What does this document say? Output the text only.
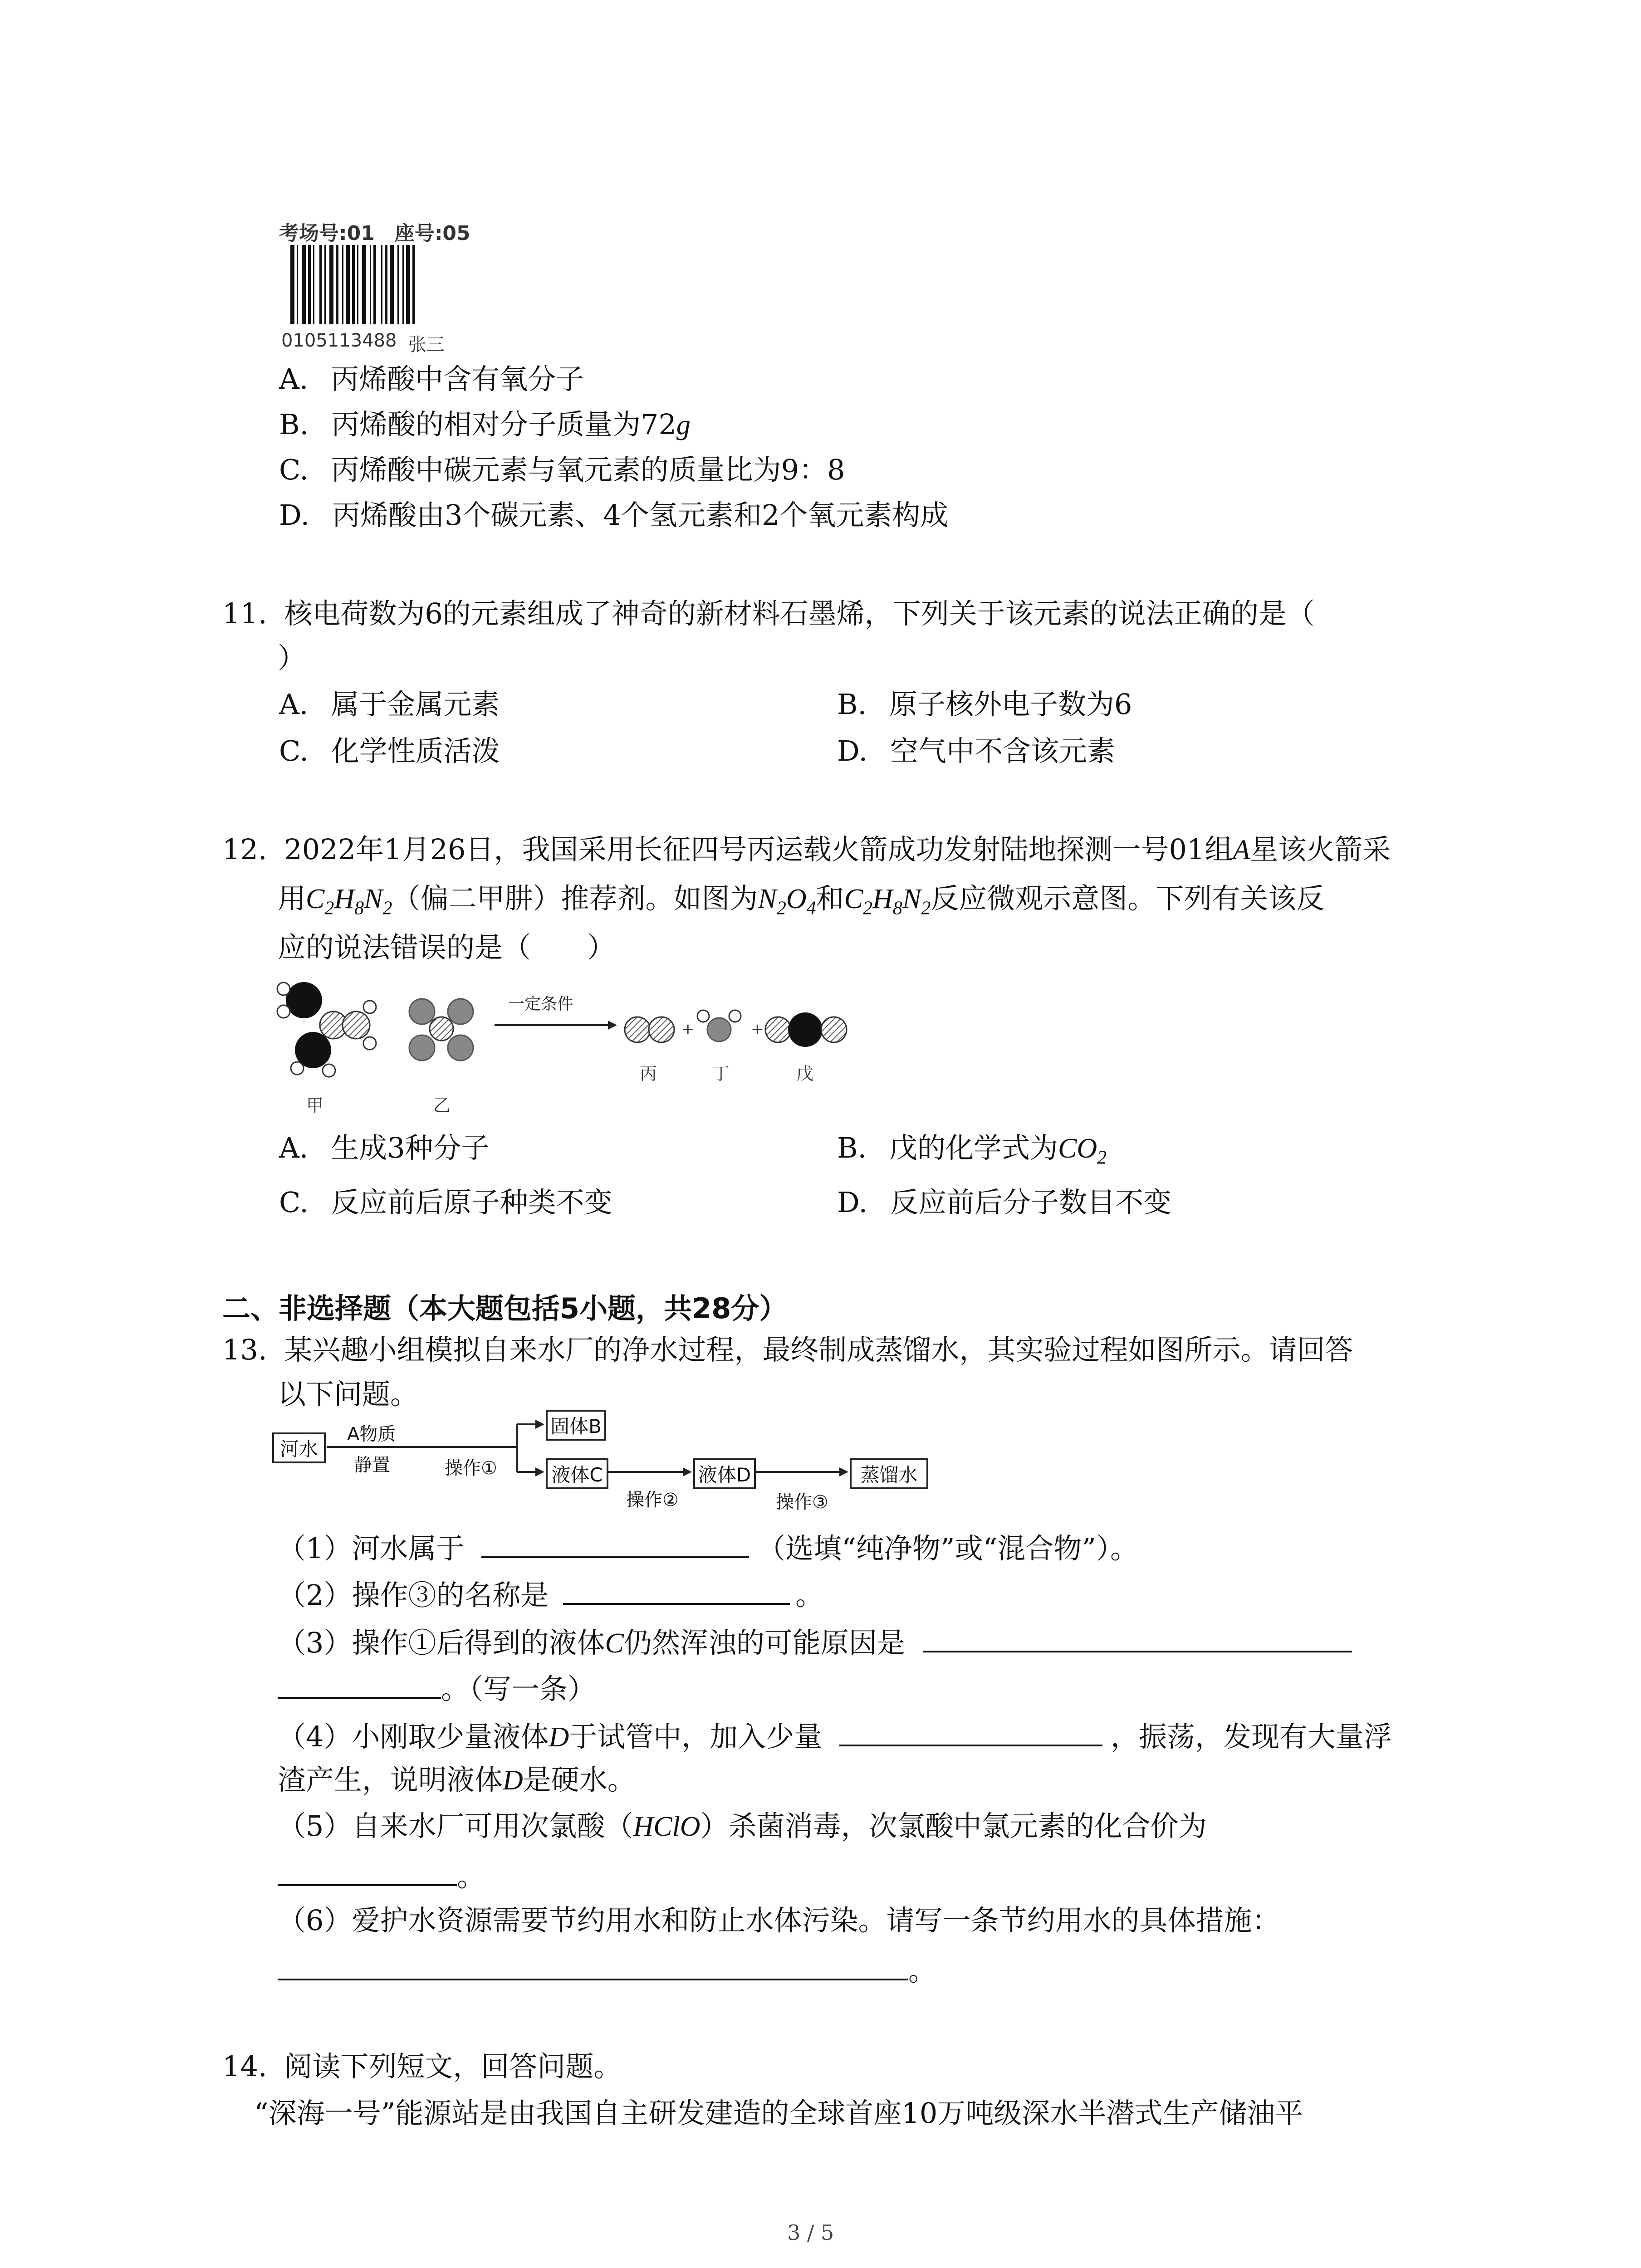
考场号:01　座号:05
0105113488 张三
A. 丙烯酸中含有氧分子
B. 丙烯酸的相对分子质量为72g
C. 丙烯酸中碳元素与氧元素的质量比为9：8
D. 丙烯酸由3个碳元素、4个氢元素和2个氧元素构成
11. 核电荷数为6的元素组成了神奇的新材料石墨烯，下列关于该元素的说法正确的是（
）
A. 属于金属元素	B. 原子核外电子数为6
C. 化学性质活泼	D. 空气中不含该元素
12. 2022年1月26日，我国采用长征四号丙运载火箭成功发射陆地探测一号01组A星该火箭采
用$C_2H_8N_2$（偏二甲肼）推荐剂。如图为$N_2O_4$和$C_2H_8N_2$反应微观示意图。下列有关该反
应的说法错误的是（　　）
甲	乙
一定条件
+
丙	丁
+
戊
A. 生成3种分子	B. 戊的化学式为$CO_2$
C. 反应前后原子种类不变	D. 反应前后分子数目不变
二、非选择题（本大题包括5小题，共28分）
13. 某兴趣小组模拟自来水厂的净水过程，最终制成蒸馏水，其实验过程如图所示。请回答
以下问题。
河水
A物质
静置	操作①
固体B
液体C
操作②
液体D
操作③
蒸馏水
（1）河水属于	（选填“纯净物”或“混合物”）。
（2）操作③的名称是	。
（3）操作①后得到的液体C仍然浑浊的可能原因是
。（写一条）
（4）小刚取少量液体D于试管中，加入少量	，振荡，发现有大量浮
渣产生，说明液体D是硬水。
（5）自来水厂可用次氯酸（HClO）杀菌消毒，次氯酸中氯元素的化合价为
。
（6）爱护水资源需要节约用水和防止水体污染。请写一条节约用水的具体措施：
。
14. 阅读下列短文，回答问题。
“深海一号”能源站是由我国自主研发建造的全球首座10万吨级深水半潜式生产储油平
3 / 5
